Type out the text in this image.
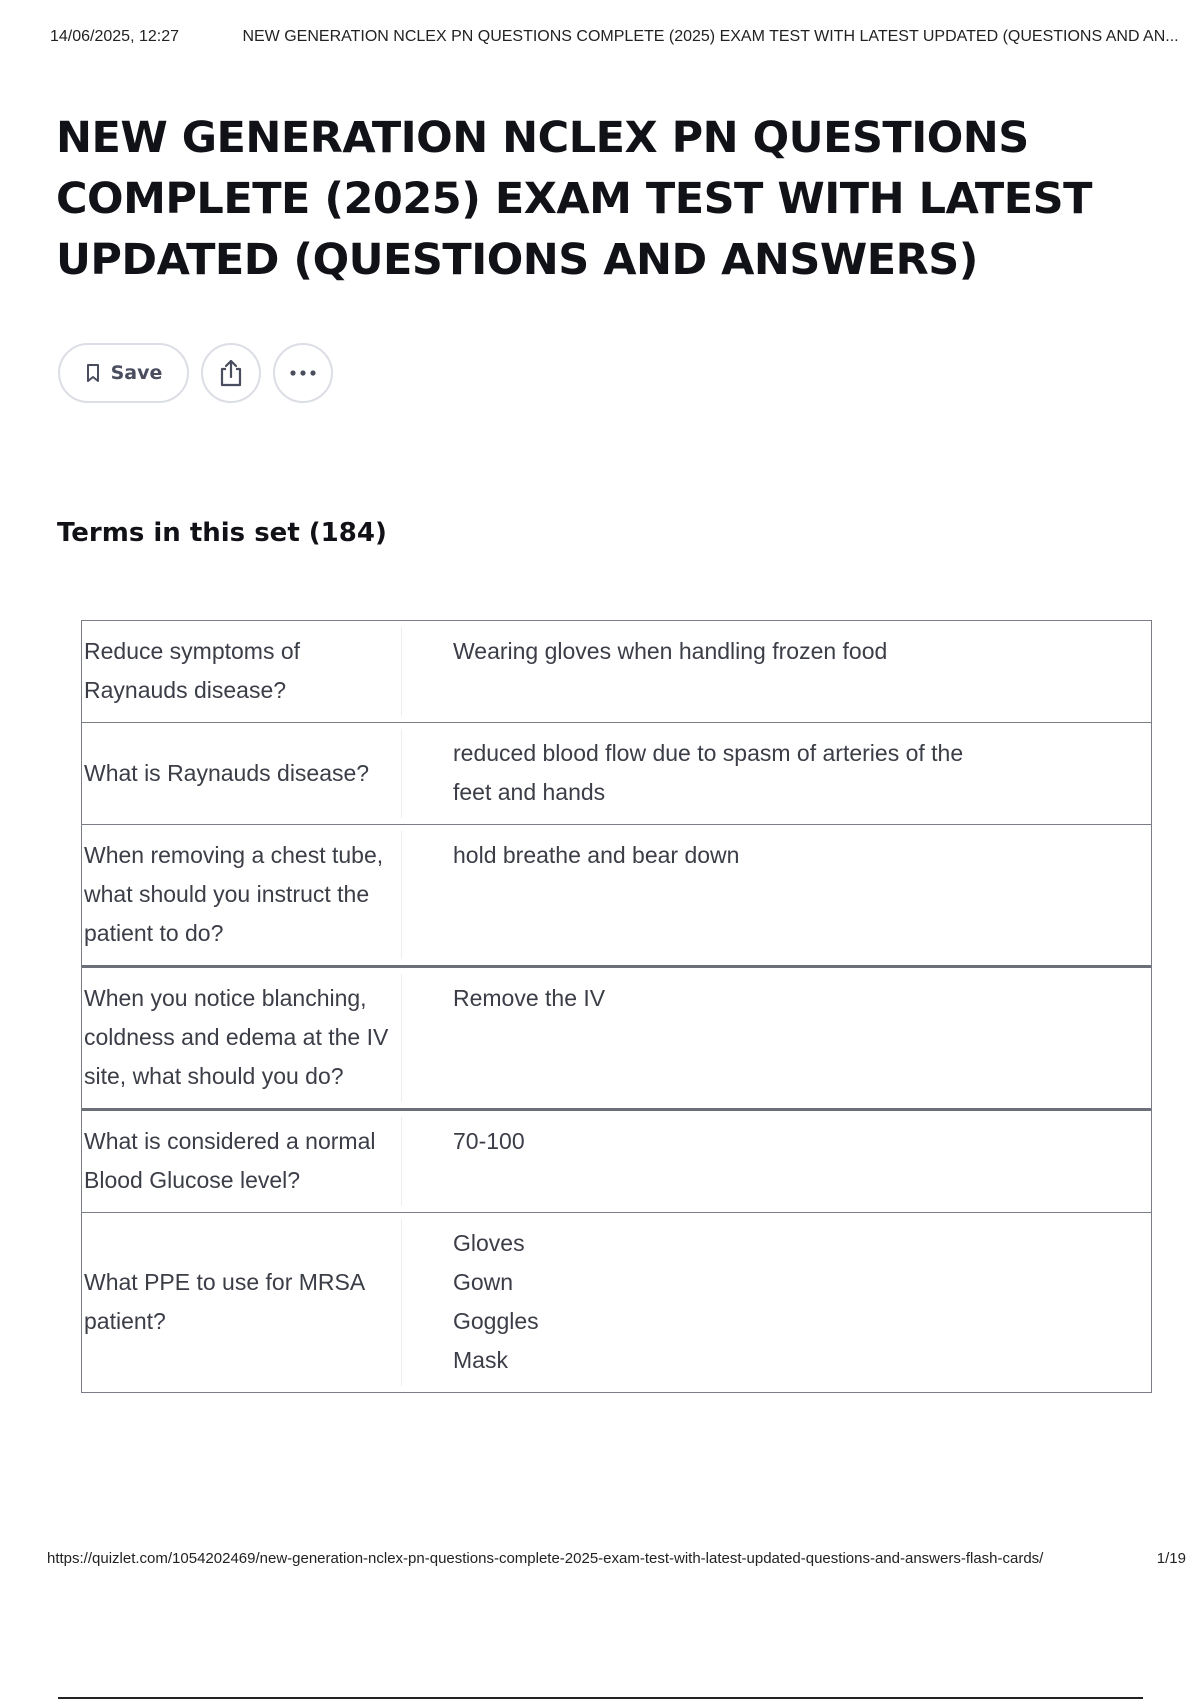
14/06/2025, 12:27	NEW GENERATION NCLEX PN QUESTIONS COMPLETE (2025) EXAM TEST WITH LATEST UPDATED (QUESTIONS AND AN...
NEW GENERATION NCLEX PN QUESTIONS
COMPLETE (2025) EXAM TEST WITH LATEST
UPDATED (QUESTIONS AND ANSWERS)
Save
Terms in this set (184)
Reduce symptoms of Raynauds disease?
Wearing gloves when handling frozen food
What is Raynauds disease?
reduced blood flow due to spasm of arteries of the
feet and hands
When removing a chest tube, what should you instruct the patient to do?
hold breathe and bear down
When you notice blanching, coldness and edema at the IV site, what should you do?
Remove the IV
What is considered a normal Blood Glucose level?
70-100
What PPE to use for MRSA patient?
Gloves
Gown
Goggles
Mask
https://quizlet.com/1054202469/new-generation-nclex-pn-questions-complete-2025-exam-test-with-latest-updated-questions-and-answers-flash-cards/	1/19
